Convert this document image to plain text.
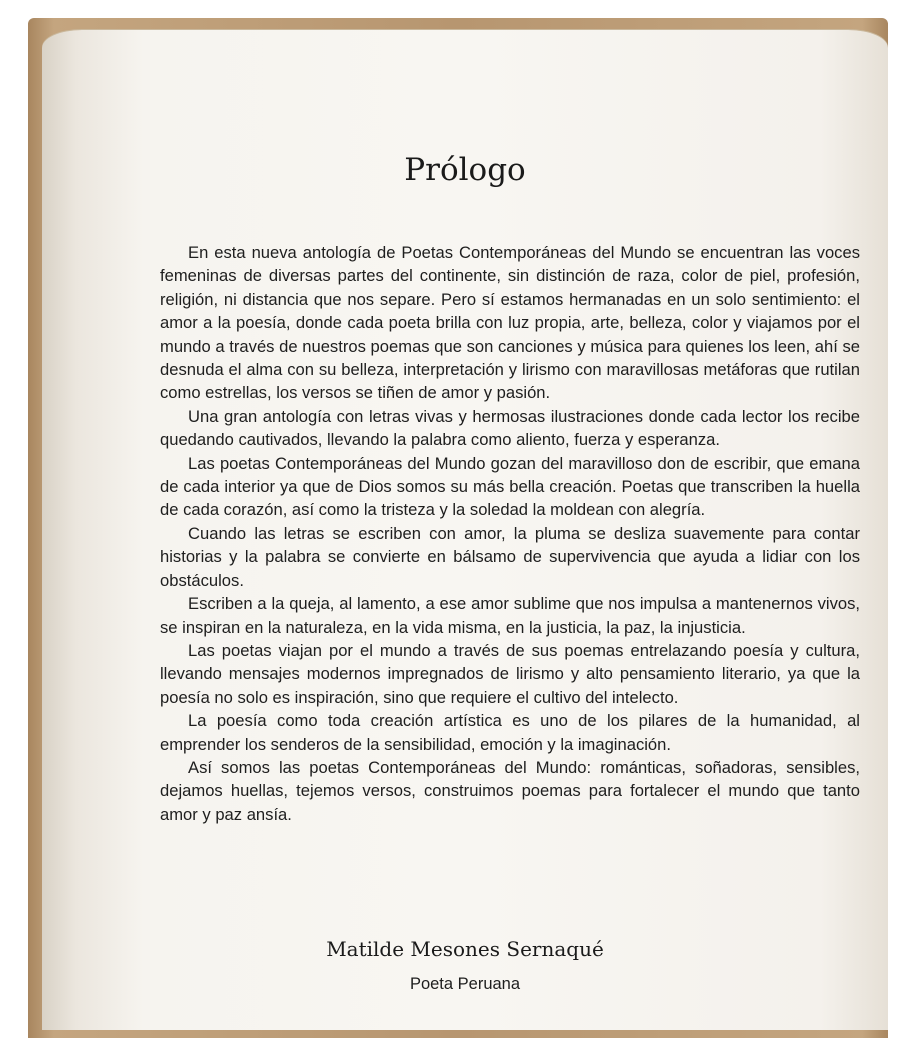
Prólogo

En esta nueva antología de Poetas Contemporáneas del Mundo se encuentran las voces femeninas de diversas partes del continente, sin distinción de raza, color de piel, profesión, religión, ni distancia que nos separe. Pero sí estamos hermanadas en un solo sentimiento: el amor a la poesía, donde cada poeta brilla con luz propia, arte, belleza, color y viajamos por el mundo a través de nuestros poemas que son canciones y música para quienes los leen, ahí se desnuda el alma con su belleza, interpretación y lirismo con maravillosas metáforas que rutilan como estrellas, los versos se tiñen de amor y pasión.

Una gran antología con letras vivas y hermosas ilustraciones donde cada lector los recibe quedando cautivados, llevando la palabra como aliento, fuerza y esperanza.

Las poetas Contemporáneas del Mundo gozan del maravilloso don de escribir, que emana de cada interior ya que de Dios somos su más bella creación. Poetas que transcriben la huella de cada corazón, así como la tristeza y la soledad la moldean con alegría.

Cuando las letras se escriben con amor, la pluma se desliza suavemente para contar historias y la palabra se convierte en bálsamo de supervivencia que ayuda a lidiar con los obstáculos.

Escriben a la queja, al lamento, a ese amor sublime que nos impulsa a mantenernos vivos, se inspiran en la naturaleza, en la vida misma, en la justicia, la paz, la injusticia.

Las poetas viajan por el mundo a través de sus poemas entrelazando poesía y cultura, llevando mensajes modernos impregnados de lirismo y alto pensamiento literario, ya que la poesía no solo es inspiración, sino que requiere el cultivo del intelecto.

La poesía como toda creación artística es uno de los pilares de la humanidad, al emprender los senderos de la sensibilidad, emoción y la imaginación.

Así somos las poetas Contemporáneas del Mundo: románticas, soñadoras, sensibles, dejamos huellas, tejemos versos, construimos poemas para fortalecer el mundo que tanto amor y paz ansía.

Matilde Mesones Sernaqué
Poeta Peruana
